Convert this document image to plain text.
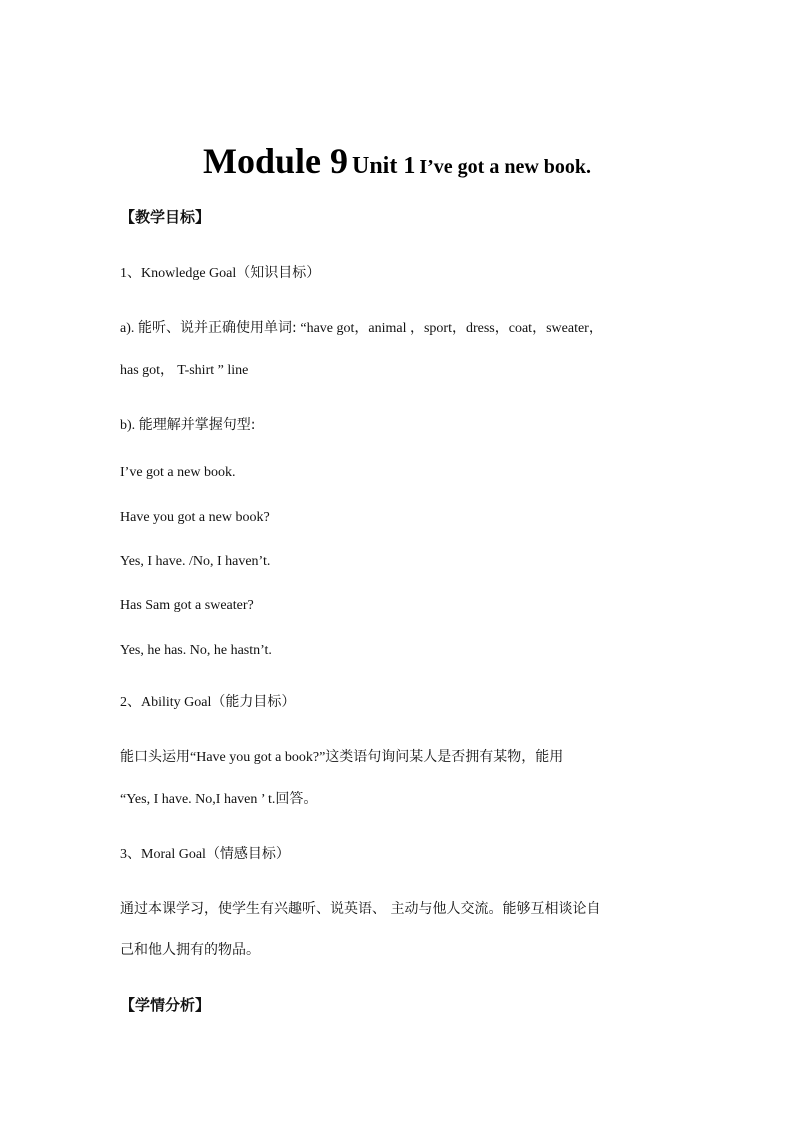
Module 9 Unit 1 I’ve got a new book.
【教学目标】
1、Knowledge Goal（知识目标）
a). 能听、说并正确使用单词: “have got，animal ，sport，dress，coat，sweater，
has got， T-shirt ” line
b). 能理解并掌握句型:
I’ve got a new book.
Have you got a new book?
Yes, I have. /No, I haven’t.
Has Sam got a sweater?
Yes, he has. No, he hastn’t.
2、Ability Goal（能力目标）
能口头运用“Have you got a book?”这类语句询问某人是否拥有某物，能用
“Yes, I have. No,I haven ’ t.回答。
3、Moral Goal（情感目标）
通过本课学习，使学生有兴趣听、说英语、 主动与他人交流。能够互相谈论自
己和他人拥有的物品。
【学情分析】
